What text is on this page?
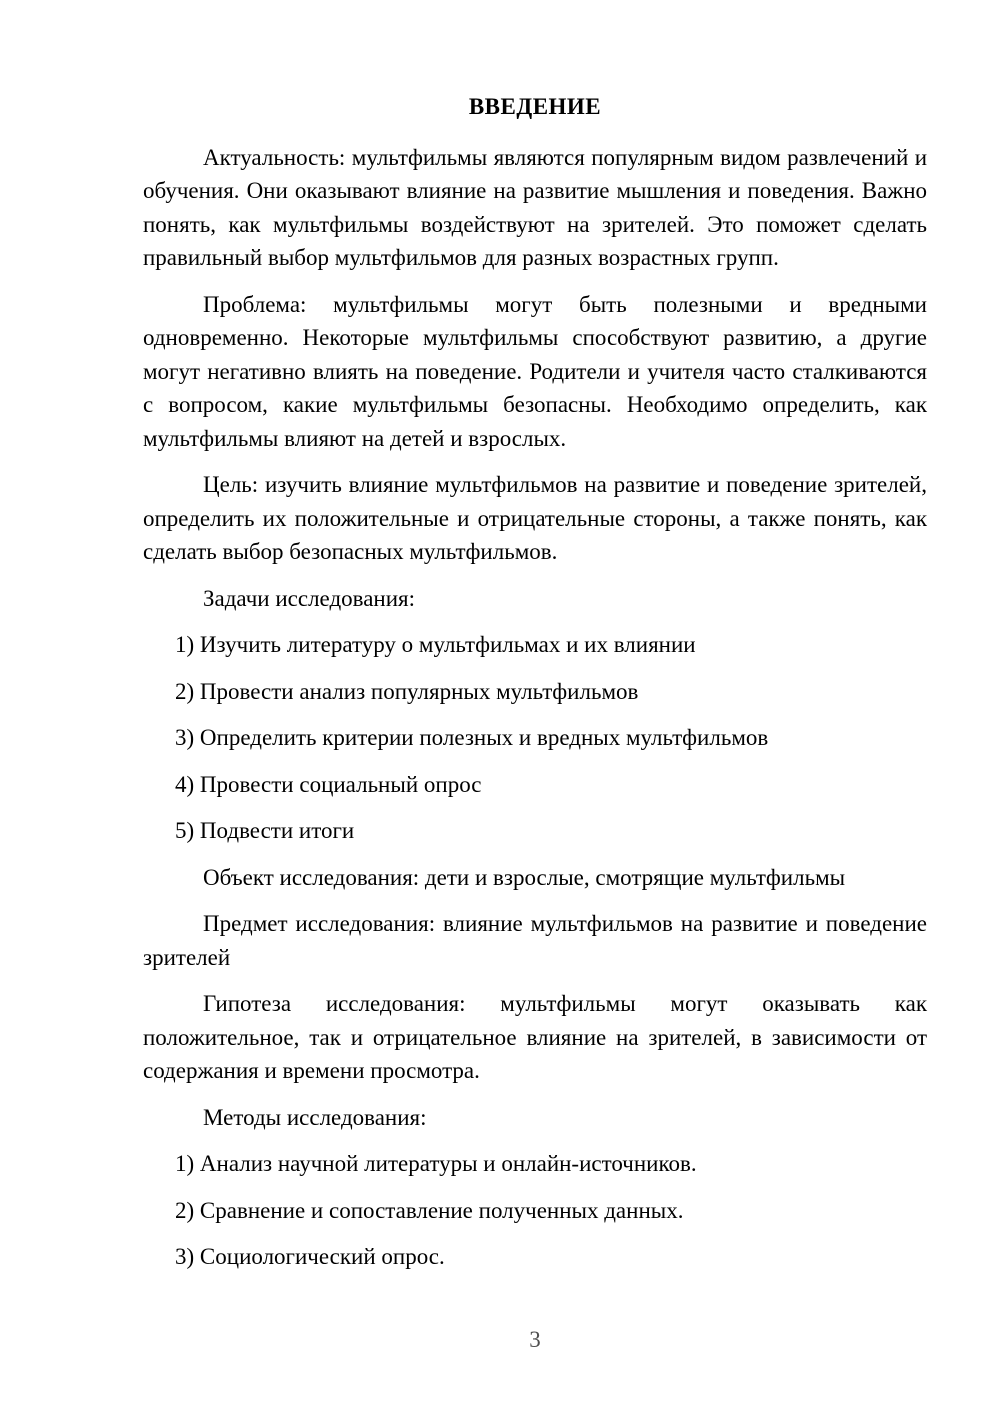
ВВЕДЕНИЕ
Актуальность: мультфильмы являются популярным видом развлечений и обучения. Они оказывают влияние на развитие мышления и поведения. Важно понять, как мультфильмы воздействуют на зрителей. Это поможет сделать правильный выбор мультфильмов для разных возрастных групп.
Проблема: мультфильмы могут быть полезными и вредными одновременно. Некоторые мультфильмы способствуют развитию, а другие могут негативно влиять на поведение. Родители и учителя часто сталкиваются с вопросом, какие мультфильмы безопасны. Необходимо определить, как мультфильмы влияют на детей и взрослых.
Цель: изучить влияние мультфильмов на развитие и поведение зрителей, определить их положительные и отрицательные стороны, а также понять, как сделать выбор безопасных мультфильмов.
Задачи исследования:
1) Изучить литературу о мультфильмах и их влиянии
2) Провести анализ популярных мультфильмов
3) Определить критерии полезных и вредных мультфильмов
4) Провести социальный опрос
5) Подвести итоги
Объект исследования: дети и взрослые, смотрящие мультфильмы
Предмет исследования: влияние мультфильмов на развитие и поведение зрителей
Гипотеза исследования: мультфильмы могут оказывать как положительное, так и отрицательное влияние на зрителей, в зависимости от содержания и времени просмотра.
Методы исследования:
1) Анализ научной литературы и онлайн-источников.
2) Сравнение и сопоставление полученных данных.
3) Социологический опрос.
3
